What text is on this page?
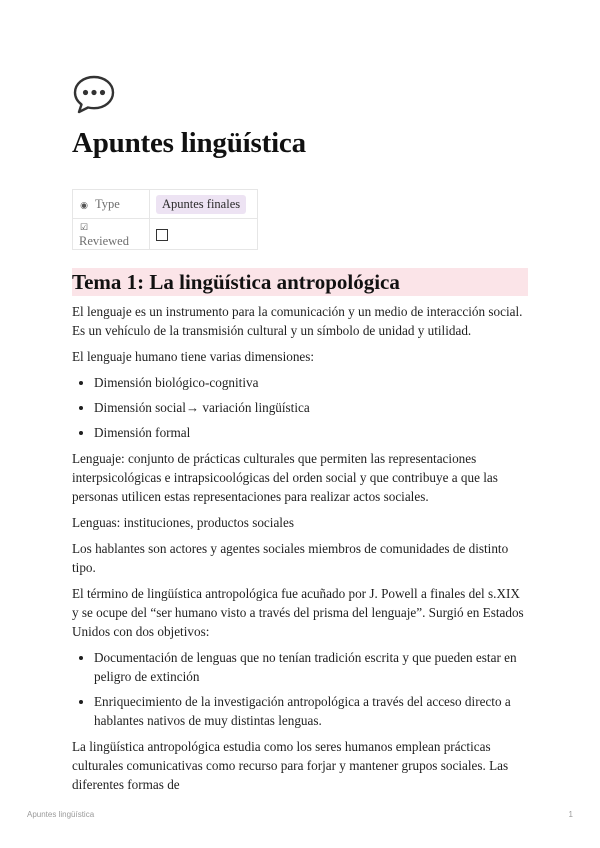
Apuntes lingüística
◉ Type	Apuntes finales
☑Reviewed	
Tema 1: La lingüística antropológica

El lenguaje es un instrumento para la comunicación y un medio de interacción social. Es un vehículo de la transmisión cultural y un símbolo de unidad y utilidad.

El lenguaje humano tiene varias dimensiones:

• Dimensión biológico-cognitiva
• Dimensión social→ variación lingüística
• Dimensión formal

Lenguaje: conjunto de prácticas culturales que permiten las representaciones interpsicológicas e intrapsicoológicas del orden social y que contribuye a que las personas utilicen estas representaciones para realizar actos sociales.

Lenguas: instituciones, productos sociales

Los hablantes son actores y agentes sociales miembros de comunidades de distinto tipo.

El término de lingüística antropológica fue acuñado por J. Powell a finales del s.XIX y se ocupe del “ser humano visto a través del prisma del lenguaje”. Surgió en Estados Unidos con dos objetivos:

• Documentación de lenguas que no tenían tradición escrita y que pueden estar en peligro de extinción
• Enriquecimiento de la investigación antropológica a través del acceso directo a hablantes nativos de muy distintas lenguas.

La lingüística antropológica estudia como los seres humanos emplean prácticas culturales comunicativas como recurso para forjar y mantener grupos sociales. Las diferentes formas de

Apuntes lingüística	1
